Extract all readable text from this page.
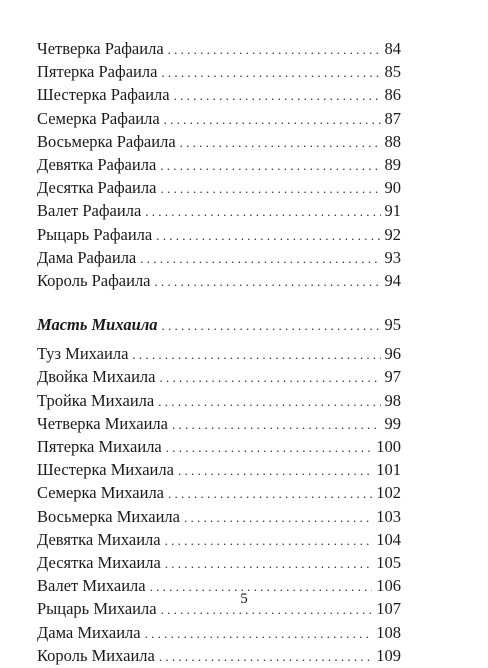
Четверка Рафаила . . .	84
Пятерка Рафаила . . .	85
Шестерка Рафаила . . .	86
Семерка Рафаила . . .	87
Восьмерка Рафаила . . .	88
Девятка Рафаила . . .	89
Десятка Рафаила . . .	90
Валет Рафаила . . .	91
Рыцарь Рафаила . . .	92
Дама Рафаила . . .	93
Король Рафаила . . .	94
Масть Михаила . . .	95
Туз Михаила . . .	96
Двойка Михаила . . .	97
Тройка Михаила . . .	98
Четверка Михаила . . .	99
Пятерка Михаила . . .	100
Шестерка Михаила . . .	101
Семерка Михаила . . .	102
Восьмерка Михаила . . .	103
Девятка Михаила . . .	104
Десятка Михаила . . .	105
Валет Михаила . . .	106
Рыцарь Михаила . . .	107
Дама Михаила . . .	108
Король Михаила . . .	109
5
